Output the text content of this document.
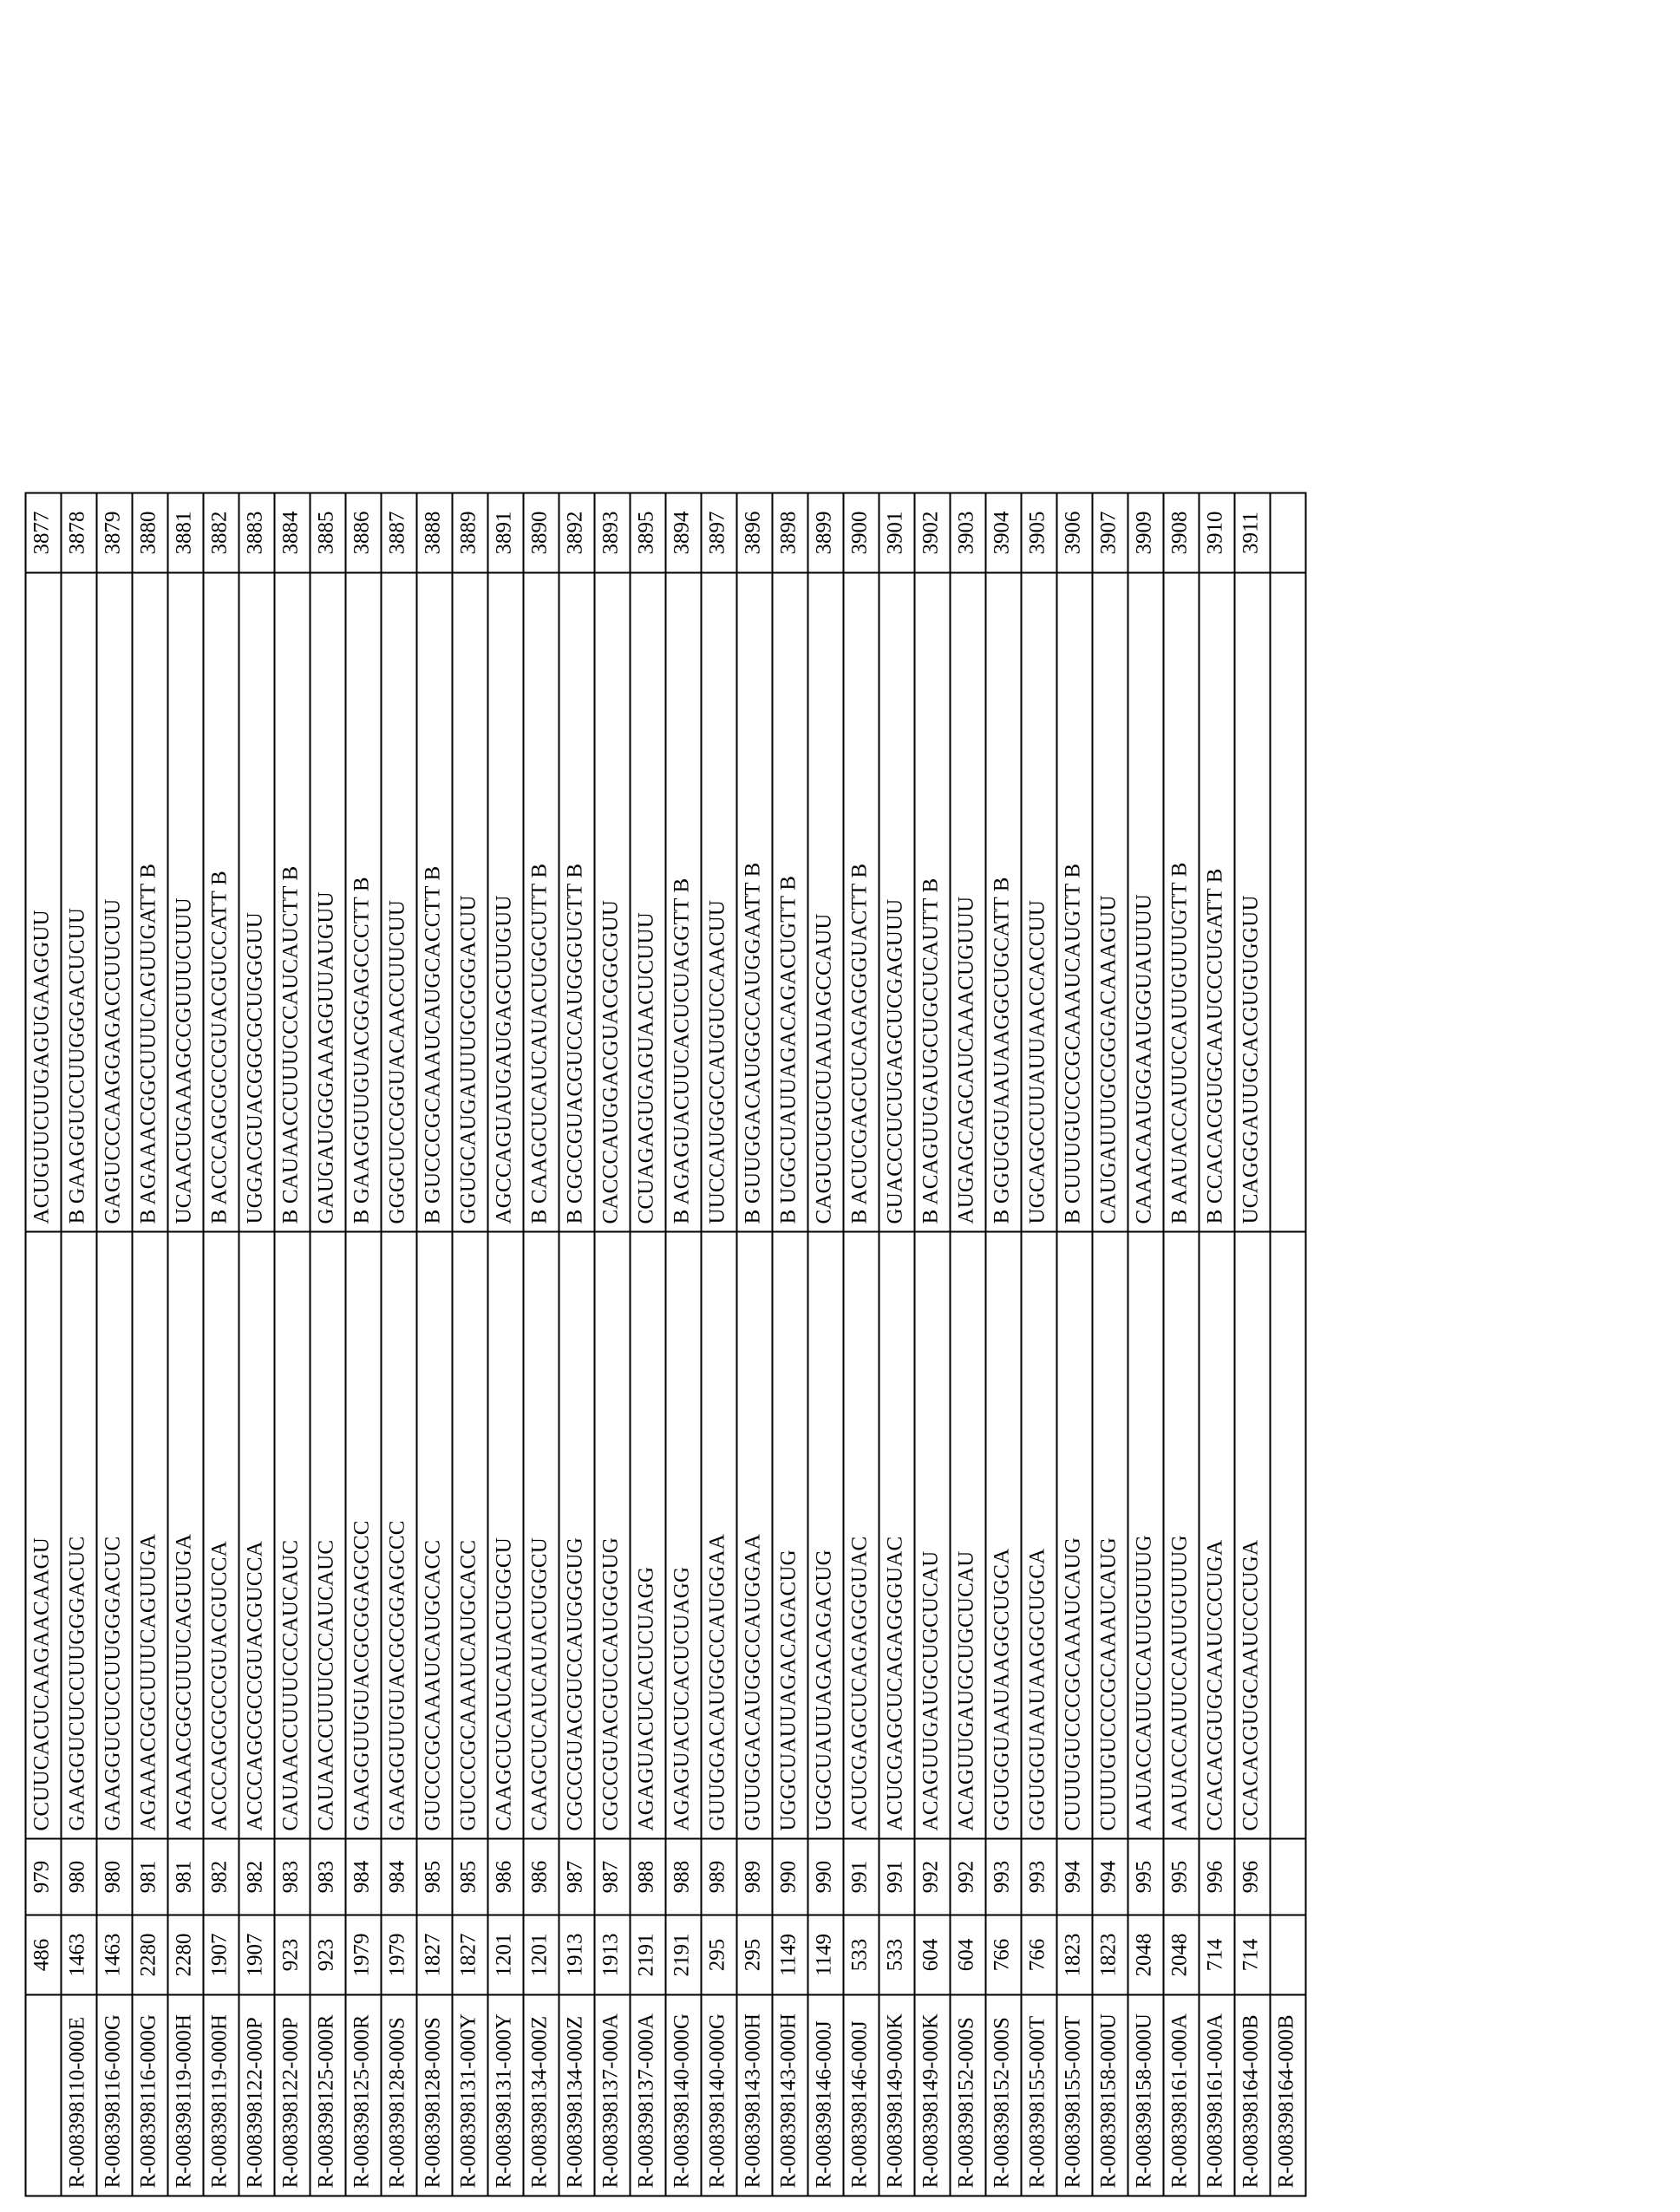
	486	979	CCUUCACUCAAGAACAAGU	ACUGUUCUUGAGUGAAGGUU	3877
R-008398110-000E	1463	980	GAAGGUCUCCUUGGGACUC	B GAAGGUCCUUGGGACUCUU	3878
R-008398116-000G	1463	980	GAAGGUCUCCUUGGGACUC	GAGUCCCAAGGAGACCUUCUU	3879
R-008398116-000G	2280	981	AGAAACGGCUUUCAGUUGA	B AGAAACGGCUUUCAGUUGATT B	3880
R-008398119-000H	2280	981	AGAAACGGCUUUCAGUUGA	UCAACUGAAAGCCGUUUCUUU	3881
R-008398119-000H	1907	982	ACCCAGCGCCGUACGUCCA	B ACCCAGCGCCGUACGUCCATT B	3882
R-008398122-000P	1907	982	ACCCAGCGCCGUACGUCCA	UGGACGUACGGCGCUGGGUU	3883
R-008398122-000P	923	983	CAUAACCUUUCCCAUCAUC	B CAUAACCUUUCCCAUCAUCTT B	3884
R-008398125-000R	923	983	CAUAACCUUUCCCAUCAUC	GAUGAUGGGAAAGGUUAUGUU	3885
R-008398125-000R	1979	984	GAAGGUUGUACGCGGAGCCC	B GAAGGUUGUACGGAGCCCTT B	3886
R-008398128-000S	1979	984	GAAGGUUGUACGCGGAGCCC	GGGCUCCGGUACAACCUUCUU	3887
R-008398128-000S	1827	985	GUCCCGCAAAUCAUGCACC	B GUCCCGCAAAUCAUGCACCTT B	3888
R-008398131-000Y	1827	985	GUCCCGCAAAUCAUGCACC	GGUGCAUGAUUUGCGGGACUU	3889
R-008398131-000Y	1201	986	CAAGCUCAUCAUACUGGCU	AGCCAGUAUGAUGAGCUUGUU	3891
R-008398134-000Z	1201	986	CAAGCUCAUCAUACUGGCU	B CAAGCUCAUCAUACUGGCUTT B	3890
R-008398134-000Z	1913	987	CGCCGUACGUCCAUGGGUG	B CGCCGUACGUCCAUGGGUGTT B	3892
R-008398137-000A	1913	987	CGCCGUACGUCCAUGGGUG	CACCCAUGGACGUACGGCGUU	3893
R-008398137-000A	2191	988	AGAGUACUCACUCUAGG	CCUAGAGUGAGUAACUCUUU	3895
R-008398140-000G	2191	988	AGAGUACUCACUCUAGG	B AGAGUACUUCACUCUAGGTT B	3894
R-008398140-000G	295	989	GUUGGACAUGGCCAUGGAA	UUCCAUGGCCAUGUCCAACUU	3897
R-008398143-000H	295	989	GUUGGACAUGGCCAUGGAA	B GUUGGACAUGGCCAUGGAATT B	3896
R-008398143-000H	1149	990	UGGCUAUUAGACAGACUG	B UGGCUAUUAGACAGACUGTT B	3898
R-008398146-000J	1149	990	UGGCUAUUAGACAGACUG	CAGUCUGUCUAAUAGCCAUU	3899
R-008398146-000J	533	991	ACUCGAGCUCAGAGGGUAC	B ACUCGAGCUCAGAGGGUACTT B	3900
R-008398149-000K	533	991	ACUCGAGCUCAGAGGGUAC	GUACCCUCUGAGCUCGAGUUU	3901
R-008398149-000K	604	992	ACAGUUGAUGCUGCUCAU	B ACAGUUGAUGCUGCUCAUTT B	3902
R-008398152-000S	604	992	ACAGUUGAUGCUGCUCAU	AUGAGCAGCAUCAAACUGUUU	3903
R-008398152-000S	766	993	GGUGGUAAUAAGGCUGCA	B GGUGGUAAUAAGGCUGCATT B	3904
R-008398155-000T	766	993	GGUGGUAAUAAGGCUGCA	UGCAGCCUUAUUAACCACCUU	3905
R-008398155-000T	1823	994	CUUUGUCCCGCAAAUCAUG	B CUUUGUCCCGCAAAUCAUGTT B	3906
R-008398158-000U	1823	994	CUUUGUCCCGCAAAUCAUG	CAUGAUUUGCGGGACAAAGUU	3907
R-008398158-000U	2048	995	AAUACCAUUCCAUUGUUUG	CAAACAAUGGAAUGGUAUUUU	3909
R-008398161-000A	2048	995	AAUACCAUUCCAUUGUUUG	B AAUACCAUUCCAUUGUUUGTT B	3908
R-008398161-000A	714	996	CCACACGUGCAAUCCCUGA	B CCACACGUGCAAUCCCUGATT B	3910
R-008398164-000B	714	996	CCACACGUGCAAUCCCUGA	UCAGGGAUUGCACGUGUGGUU	3911
R-008398164-000B					
